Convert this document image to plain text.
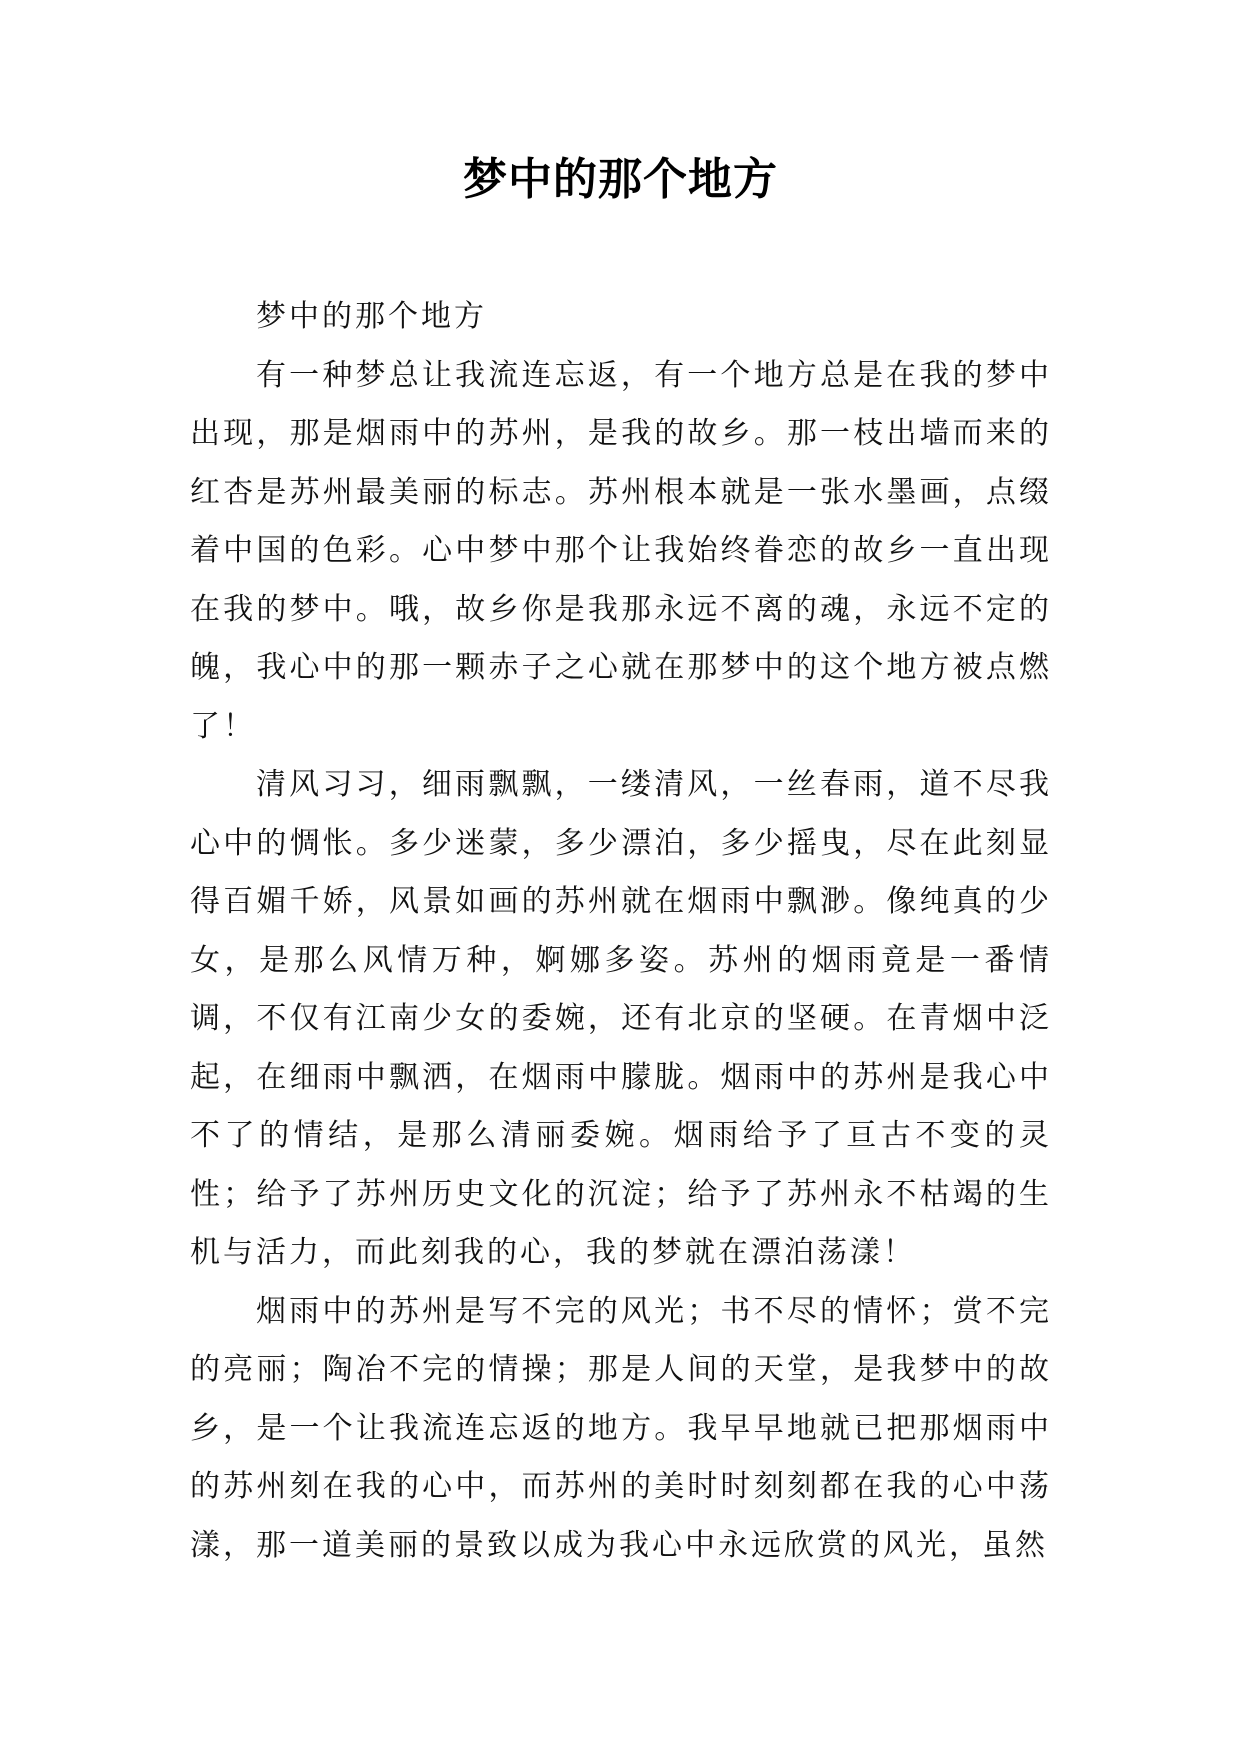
梦中的那个地方

梦中的那个地方

有一种梦总让我流连忘返，有一个地方总是在我的梦中出现，那是烟雨中的苏州，是我的故乡。那一枝出墙而来的红杏是苏州最美丽的标志。苏州根本就是一张水墨画，点缀着中国的色彩。心中梦中那个让我始终眷恋的故乡一直出现在我的梦中。哦，故乡你是我那永远不离的魂，永远不定的魄，我心中的那一颗赤子之心就在那梦中的这个地方被点燃了！

清风习习，细雨飘飘，一缕清风，一丝春雨，道不尽我心中的惆怅。多少迷蒙，多少漂泊，多少摇曳，尽在此刻显得百媚千娇，风景如画的苏州就在烟雨中飘渺。像纯真的少女，是那么风情万种，婀娜多姿。苏州的烟雨竟是一番情调，不仅有江南少女的委婉，还有北京的坚硬。在青烟中泛起，在细雨中飘洒，在烟雨中朦胧。烟雨中的苏州是我心中不了的情结，是那么清丽委婉。烟雨给予了亘古不变的灵性；给予了苏州历史文化的沉淀；给予了苏州永不枯竭的生机与活力，而此刻我的心，我的梦就在漂泊荡漾！

烟雨中的苏州是写不完的风光；书不尽的情怀；赏不完的亮丽；陶冶不完的情操；那是人间的天堂，是我梦中的故乡，是一个让我流连忘返的地方。我早早地就已把那烟雨中的苏州刻在我的心中，而苏州的美时时刻刻都在我的心中荡漾，那一道美丽的景致以成为我心中永远欣赏的风光，虽然
